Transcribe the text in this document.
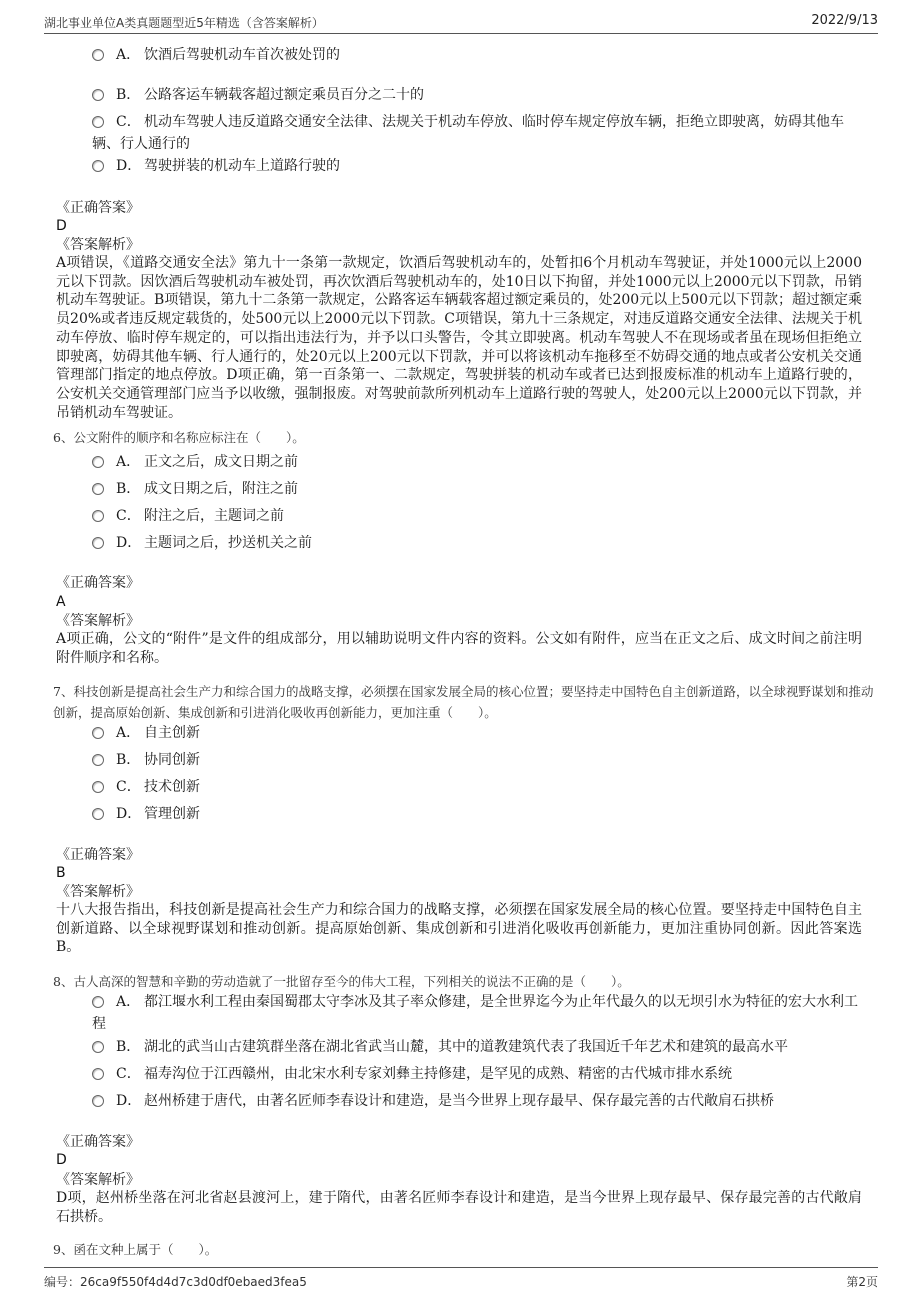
湖北事业单位A类真题题型近5年精选（含答案解析）	2022/9/13
A． 饮酒后驾驶机动车首次被处罚的
B． 公路客运车辆载客超过额定乘员百分之二十的
C． 机动车驾驶人违反道路交通安全法律、法规关于机动车停放、临时停车规定停放车辆，拒绝立即驶离，妨碍其他车辆、行人通行的
D． 驾驶拼装的机动车上道路行驶的
《正确答案》
D
《答案解析》
A项错误，《道路交通安全法》第九十一条第一款规定，饮酒后驾驶机动车的，处暂扣6个月机动车驾驶证，并处1000元以上2000元以下罚款。因饮酒后驾驶机动车被处罚，再次饮酒后驾驶机动车的，处10日以下拘留，并处1000元以上2000元以下罚款，吊销机动车驾驶证。B项错误，第九十二条第一款规定，公路客运车辆载客超过额定乘员的，处200元以上500元以下罚款；超过额定乘员20%或者违反规定载货的，处500元以上2000元以下罚款。C项错误，第九十三条规定，对违反道路交通安全法律、法规关于机动车停放、临时停车规定的，可以指出违法行为，并予以口头警告，令其立即驶离。机动车驾驶人不在现场或者虽在现场但拒绝立即驶离，妨碍其他车辆、行人通行的，处20元以上200元以下罚款，并可以将该机动车拖移至不妨碍交通的地点或者公安机关交通管理部门指定的地点停放。D项正确，第一百条第一、二款规定，驾驶拼装的机动车或者已达到报废标准的机动车上道路行驶的，公安机关交通管理部门应当予以收缴，强制报废。对驾驶前款所列机动车上道路行驶的驾驶人，处200元以上2000元以下罚款，并吊销机动车驾驶证。
6、公文附件的顺序和名称应标注在（　　）。
A． 正文之后，成文日期之前
B． 成文日期之后，附注之前
C． 附注之后，主题词之前
D． 主题词之后，抄送机关之前
《正确答案》
A
《答案解析》
A项正确，公文的“附件”是文件的组成部分，用以辅助说明文件内容的资料。公文如有附件，应当在正文之后、成文时间之前注明附件顺序和名称。
7、科技创新是提高社会生产力和综合国力的战略支撑，必须摆在国家发展全局的核心位置；要坚持走中国特色自主创新道路，以全球视野谋划和推动创新，提高原始创新、集成创新和引进消化吸收再创新能力，更加注重（　　）。
A． 自主创新
B． 协同创新
C． 技术创新
D． 管理创新
《正确答案》
B
《答案解析》
十八大报告指出，科技创新是提高社会生产力和综合国力的战略支撑，必须摆在国家发展全局的核心位置。要坚持走中国特色自主创新道路、以全球视野谋划和推动创新。提高原始创新、集成创新和引进消化吸收再创新能力，更加注重协同创新。因此答案选B。
8、古人高深的智慧和辛勤的劳动造就了一批留存至今的伟大工程，下列相关的说法不正确的是（　　）。
A． 都江堰水利工程由秦国蜀郡太守李冰及其子率众修建，是全世界迄今为止年代最久的以无坝引水为特征的宏大水利工程
B． 湖北的武当山古建筑群坐落在湖北省武当山麓，其中的道教建筑代表了我国近千年艺术和建筑的最高水平
C． 福寿沟位于江西赣州，由北宋水利专家刘彝主持修建，是罕见的成熟、精密的古代城市排水系统
D． 赵州桥建于唐代，由著名匠师李春设计和建造，是当今世界上现存最早、保存最完善的古代敞肩石拱桥
《正确答案》
D
《答案解析》
D项，赵州桥坐落在河北省赵县渡河上，建于隋代，由著名匠师李春设计和建造，是当今世界上现存最早、保存最完善的古代敞肩石拱桥。
9、函在文种上属于（　　）。
编号：26ca9f550f4d4d7c3d0df0ebaed3fea5	第2页
